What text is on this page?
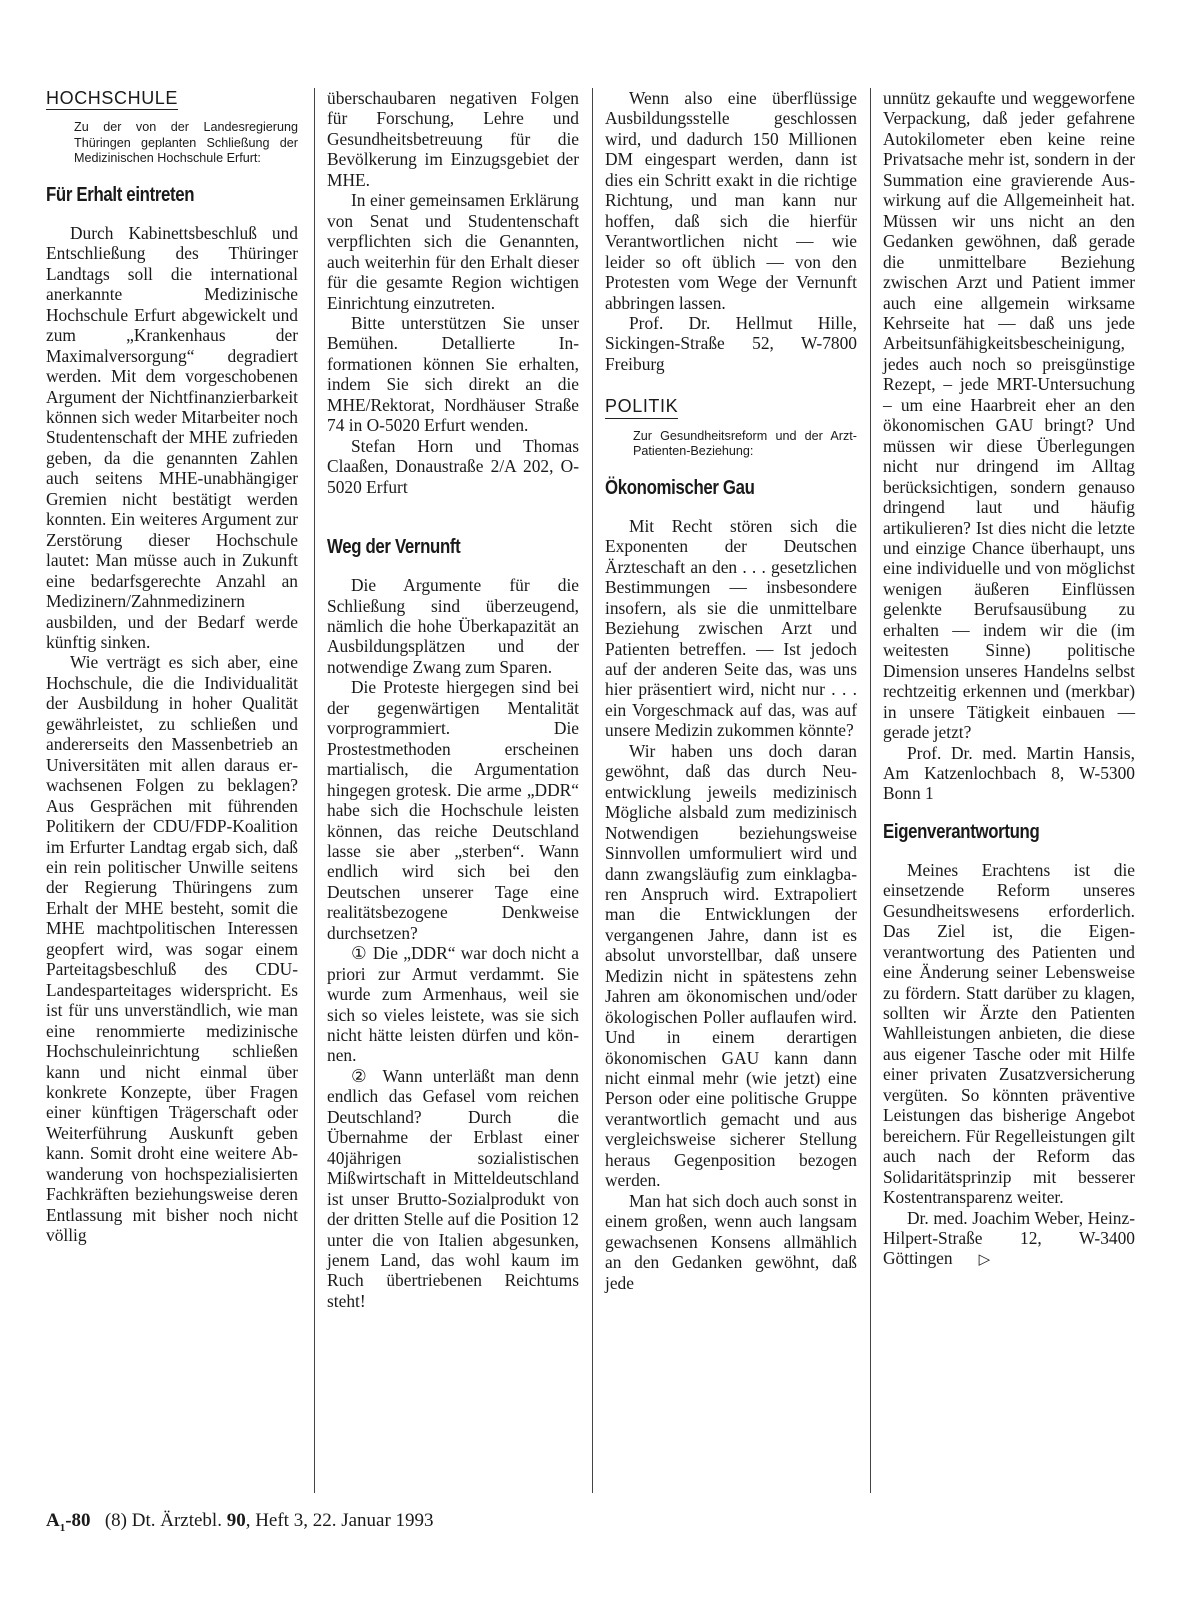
HOCHSCHULE
Zu der von der Landesregierung Thüringen geplanten Schließung der Medizinischen Hochschule Erfurt:
Für Erhalt eintreten

Durch Kabinettsbeschluß und Entschließung des Thüringer Landtags soll die international anerkannte Medizinische Hochschule Erfurt abgewickelt und zum „Krankenhaus der Maximalversorgung“ degradiert werden. Mit dem vorgeschobenen Argument der Nichtfinanzierbarkeit können sich weder Mitarbeiter noch Studentenschaft der MHE zufrieden geben, da die genannten Zahlen auch seitens MHE-unabhängiger Gremien nicht bestätigt werden konnten. Ein weiteres Argument zur Zerstörung dieser Hochschule lautet: Man müsse auch in Zukunft eine bedarfsgerechte Anzahl an Medizinern/Zahnmedizinern ausbilden, und der Bedarf werde künftig sinken.

Wie verträgt es sich aber, eine Hochschule, die die Individualität der Ausbildung in hoher Qualität gewährleistet, zu schließen und andererseits den Massenbetrieb an Universitäten mit allen daraus erwachsenen Folgen zu beklagen? Aus Gesprächen mit führenden Politikern der CDU/FDP-Koalition im Erfurter Landtag ergab sich, daß ein rein politischer Unwille seitens der Regierung Thüringens zum Erhalt der MHE besteht, somit die MHE machtpolitischen Interessen geopfert wird, was sogar einem Parteitagsbeschluß des CDU-Landesparteitages widerspricht. Es ist für uns unverständlich, wie man eine renommierte medizinische Hochschuleinrichtung schließen kann und nicht einmal über konkrete Konzepte, über Fragen einer künftigen Trägerschaft oder Weiterführung Auskunft geben kann. Somit droht eine weitere Abwanderung von hochspezialisierten Fachkräften beziehungsweise deren Entlassung mit bisher noch nicht völlig

überschaubaren negativen Folgen für Forschung, Lehre und Gesundheitsbetreuung für die Bevölkerung im Einzugsgebiet der MHE.

In einer gemeinsamen Erklärung von Senat und Studentenschaft verpflichten sich die Genannten, auch weiterhin für den Erhalt dieser für die gesamte Region wichtigen Einrichtung einzutreten.

Bitte unterstützen Sie unser Bemühen. Detallierte Informationen können Sie erhalten, indem Sie sich direkt an die MHE/Rektorat, Nordhäuser Straße 74 in O-5020 Erfurt wenden.

Stefan Horn und Thomas Claaßen, Donaustraße 2/A 202, O-5020 Erfurt

Weg der Vernunft

Die Argumente für die Schließung sind überzeugend, nämlich die hohe Überkapazität an Ausbildungsplätzen und der notwendige Zwang zum Sparen.

Die Proteste hiergegen sind bei der gegenwärtigen Mentalität vorprogrammiert. Die Prostestmethoden erscheinen martialisch, die Argumentation hingegen grotesk. Die arme „DDR“ habe sich die Hochschule leisten können, das reiche Deutschland lasse sie aber „sterben“. Wann endlich wird sich bei den Deutschen unserer Tage eine realitätsbezogene Denkweise durchsetzen?

① Die „DDR“ war doch nicht a priori zur Armut verdammt. Sie wurde zum Armenhaus, weil sie sich so vieles leistete, was sie sich nicht hätte leisten dürfen und können.

② Wann unterläßt man denn endlich das Gefasel vom reichen Deutschland? Durch die Übernahme der Erblast einer 40jährigen sozialistischen Mißwirtschaft in Mitteldeutschland ist unser Brutto-Sozialprodukt von der dritten Stelle auf die Position 12 unter die von Italien abgesunken, jenem Land, das wohl kaum im Ruch übertriebenen Reichtums steht!

Wenn also eine überflüssige Ausbildungsstelle geschlossen wird, und dadurch 150 Millionen DM eingespart werden, dann ist dies ein Schritt exakt in die richtige Richtung, und man kann nur hoffen, daß sich die hierfür Verantwortlichen nicht — wie leider so oft üblich — von den Protesten vom Wege der Vernunft abbringen lassen.

Prof. Dr. Hellmut Hille, Sickingen-Straße 52, W-7800 Freiburg

POLITIK
Zur Gesundheitsreform und der Arzt-Patienten-Beziehung:
Ökonomischer Gau

Mit Recht stören sich die Exponenten der Deutschen Ärzteschaft an den . . . gesetzlichen Bestimmungen — insbesondere insofern, als sie die unmittelbare Beziehung zwischen Arzt und Patienten betreffen. — Ist jedoch auf der anderen Seite das, was uns hier präsentiert wird, nicht nur . . . ein Vorgeschmack auf das, was auf unsere Medizin zukommen könnte?

Wir haben uns doch daran gewöhnt, daß das durch Neuentwicklung jeweils medizinisch Mögliche alsbald zum medizinisch Notwendigen beziehungsweise Sinnvollen umformuliert wird und dann zwangsläufig zum einklagbaren Anspruch wird. Extrapoliert man die Entwicklungen der vergangenen Jahre, dann ist es absolut unvorstellbar, daß unsere Medizin nicht in spätestens zehn Jahren am ökonomischen und/oder ökologischen Poller auflaufen wird. Und in einem derartigen ökonomischen GAU kann dann nicht einmal mehr (wie jetzt) eine Person oder eine politische Gruppe verantwortlich gemacht und aus vergleichsweise sicherer Stellung heraus Gegenposition bezogen werden.

Man hat sich doch auch sonst in einem großen, wenn auch langsam gewachsenen Konsens allmählich an den Gedanken gewöhnt, daß jede

unnütz gekaufte und weggeworfene Verpackung, daß jeder gefahrene Autokilometer eben keine reine Privatsache mehr ist, sondern in der Summation eine gravierende Auswirkung auf die Allgemeinheit hat. Müssen wir uns nicht an den Gedanken gewöhnen, daß gerade die unmittelbare Beziehung zwischen Arzt und Patient immer auch eine allgemein wirksame Kehrseite hat — daß uns jede Arbeitsunfähigkeitsbescheinigung, jedes auch noch so preisgünstige Rezept, – jede MRT-Untersuchung – um eine Haarbreit eher an den ökonomischen GAU bringt? Und müssen wir diese Überlegungen nicht nur dringend im Alltag berücksichtigen, sondern genauso dringend laut und häufig artikulieren? Ist dies nicht die letzte und einzige Chance überhaupt, uns eine individuelle und von möglichst wenigen äußeren Einflüssen gelenkte Berufsausübung zu erhalten — indem wir die (im weitesten Sinne) politische Dimension unseres Handelns selbst rechtzeitig erkennen und (merkbar) in unsere Tätigkeit einbauen — gerade jetzt?

Prof. Dr. med. Martin Hansis, Am Katzenlochbach 8, W-5300 Bonn 1

Eigenverantwortung

Meines Erachtens ist die einsetzende Reform unseres Gesundheitswesens erforderlich. Das Ziel ist, die Eigenverantwortung des Patienten und eine Änderung seiner Lebensweise zu fördern. Statt darüber zu klagen, sollten wir Ärzte den Patienten Wahlleistungen anbieten, die diese aus eigener Tasche oder mit Hilfe einer privaten Zusatzversicherung vergüten. So könnten präventive Leistungen das bisherige Angebot bereichern. Für Regelleistungen gilt auch nach der Reform das Solidaritätsprinzip mit besserer Kostentransparenz weiter.

Dr. med. Joachim Weber, Heinz-Hilpert-Straße 12, W-3400 Göttingen ▷

$A_1-80$ (8) Dt. Ärztebl. 90, Heft 3, 22. Januar 1993
